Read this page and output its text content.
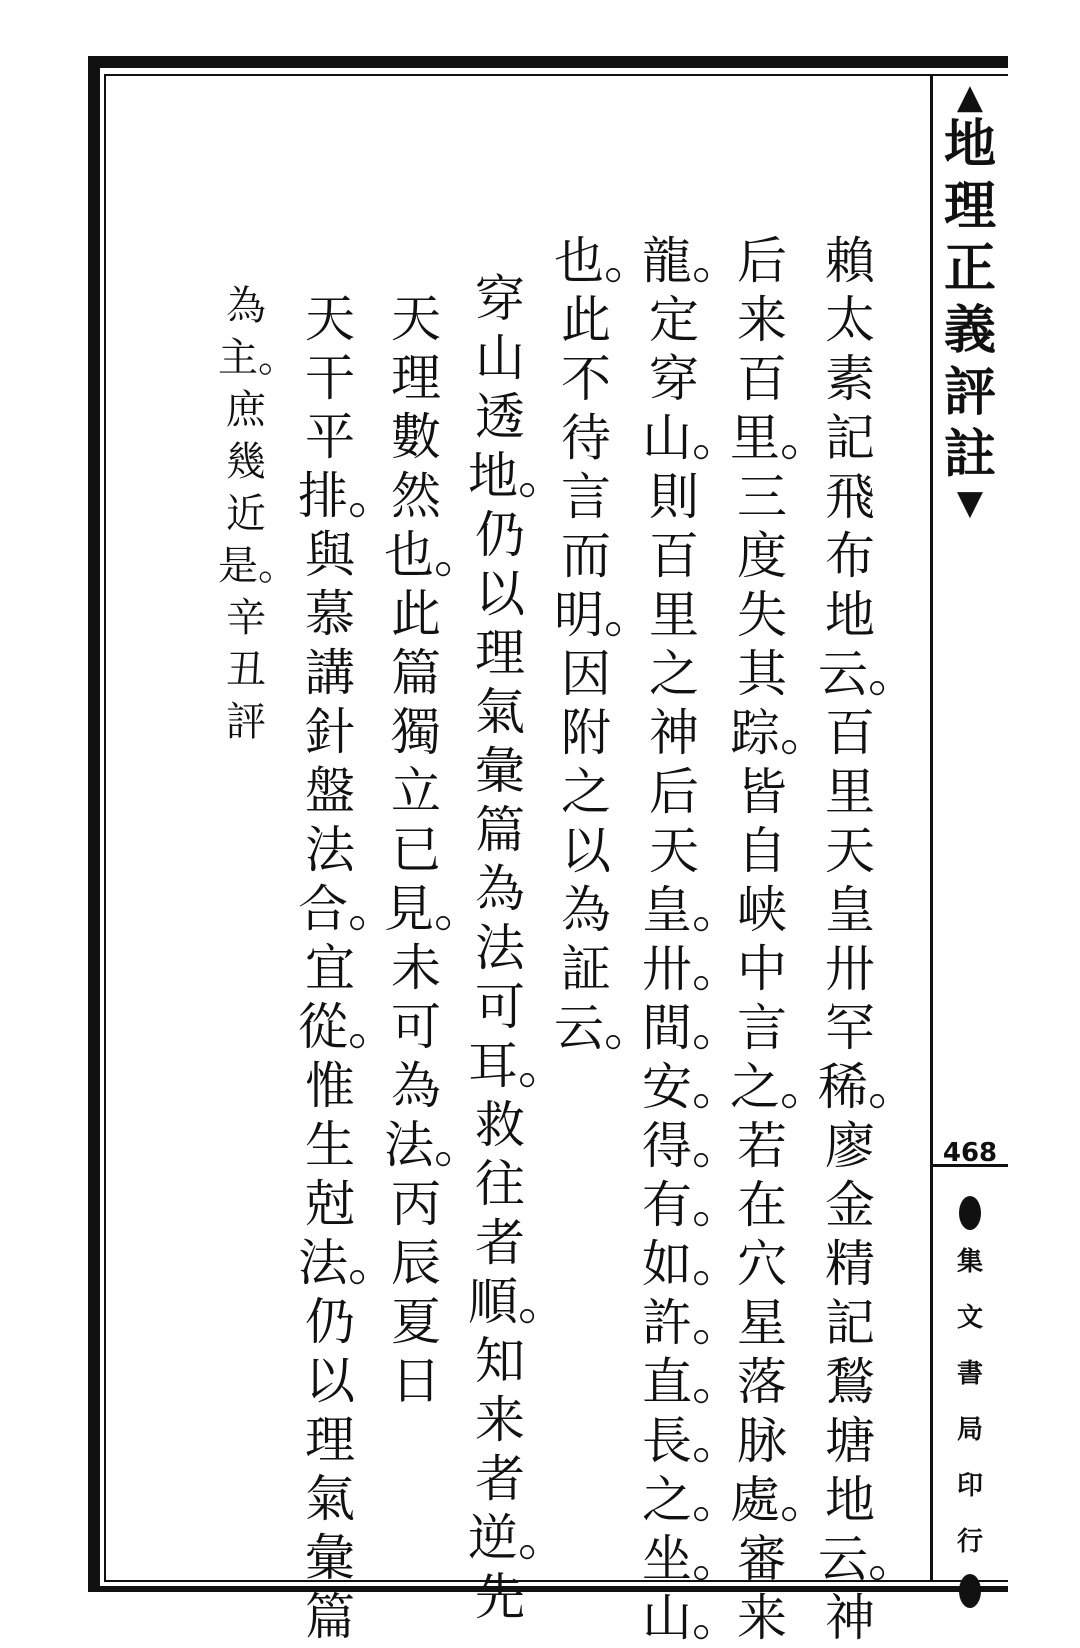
▲
地理正義評註
▼
468
集文書局印行
賴太素記飛布地云。百里天皇卅罕稀。廖金精記鶖塘地云。神
后来百里。三度失其踪。皆自峡中言之。若在穴星落脉處。審来
龍。定穿山。則百里之神后天皇。卅。間。安。得。有。如。許。直。長。之。坐。山。
也。此不待言而明。因附之以為証云。
穿山透地。仍以理氣彙篇為法可耳。救往者順。知来者逆。先
天理數然也。此篇獨立已見。未可為法。丙辰夏日
天干平排。與慕講針盤法合。宜從。惟生尅法。仍以理氣彙篇
為主。庶幾近是。辛丑評
